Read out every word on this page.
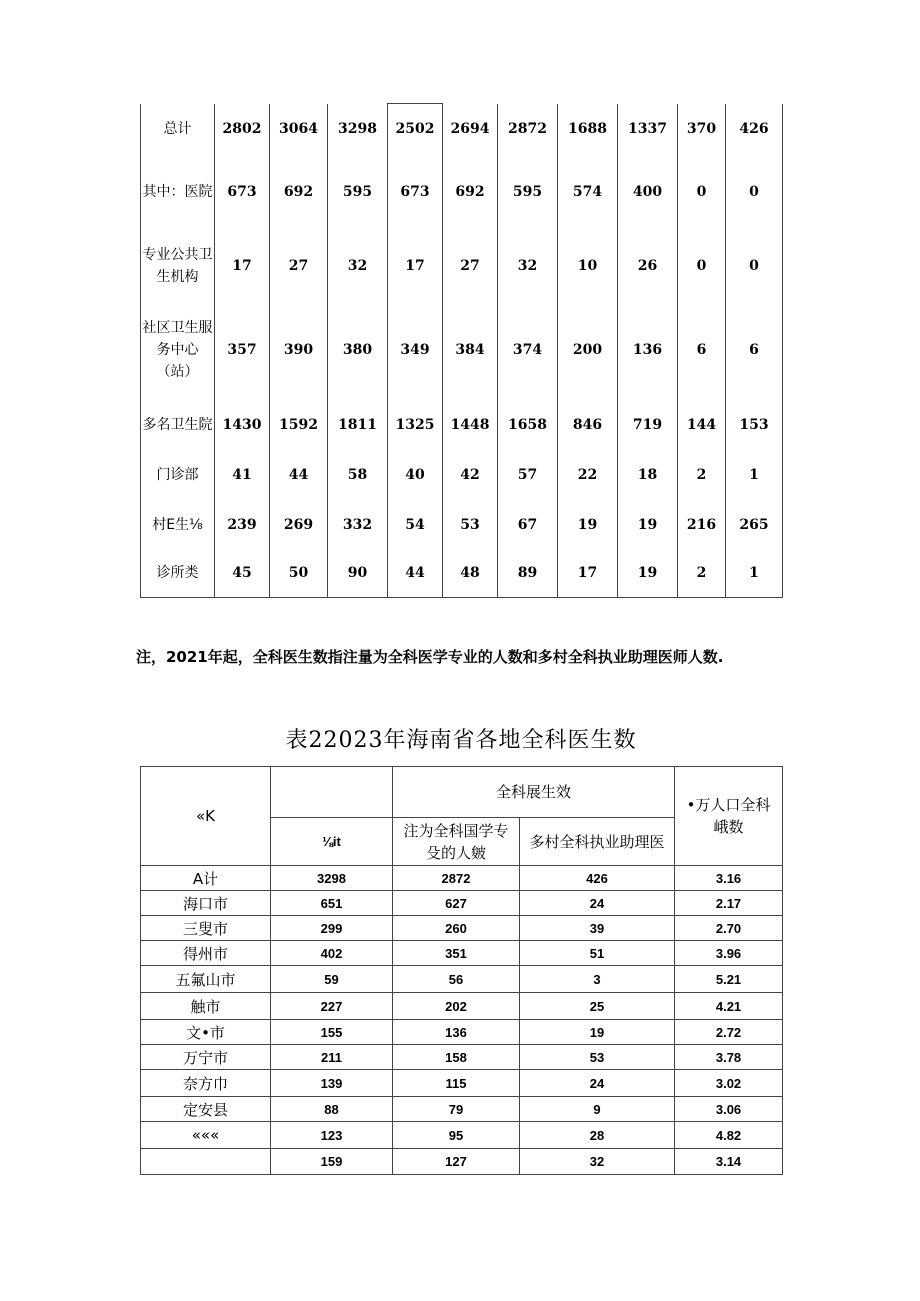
总计	2802	3064	3298	2502	2694	2872	1688	1337	370	426
其中：医院	673	692	595	673	692	595	574	400	0	0
专业公共卫生机构	17	27	32	17	27	32	10	26	0	0
社区卫生服务中心（站）	357	390	380	349	384	374	200	136	6	6
多名卫生院	1430	1592	1811	1325	1448	1658	846	719	144	153
门诊部	41	44	58	40	42	57	22	18	2	1
村E生⅛	239	269	332	54	53	67	19	19	216	265
诊所类	45	50	90	44	48	89	17	19	2	1
注，2021年起，全科医生数指注量为全科医学专业的人数和多村全科执业助理医师人数.
表22023年海南省各地全科医生数
«K		全科展生效		•万人口全科峨数
	⅛it	注为全科国学专殳的人皴	多村全科执业助理医	
A计	3298	2872	426	3.16
海口市	651	627	24	2.17
三叟市	299	260	39	2.70
得州市	402	351	51	3.96
五氟山市	59	56	3	5.21
触市	227	202	25	4.21
文•市	155	136	19	2.72
万宁市	211	158	53	3.78
奈方巾	139	115	24	3.02
定安县	88	79	9	3.06
«««	123	95	28	4.82
	159	127	32	3.14
